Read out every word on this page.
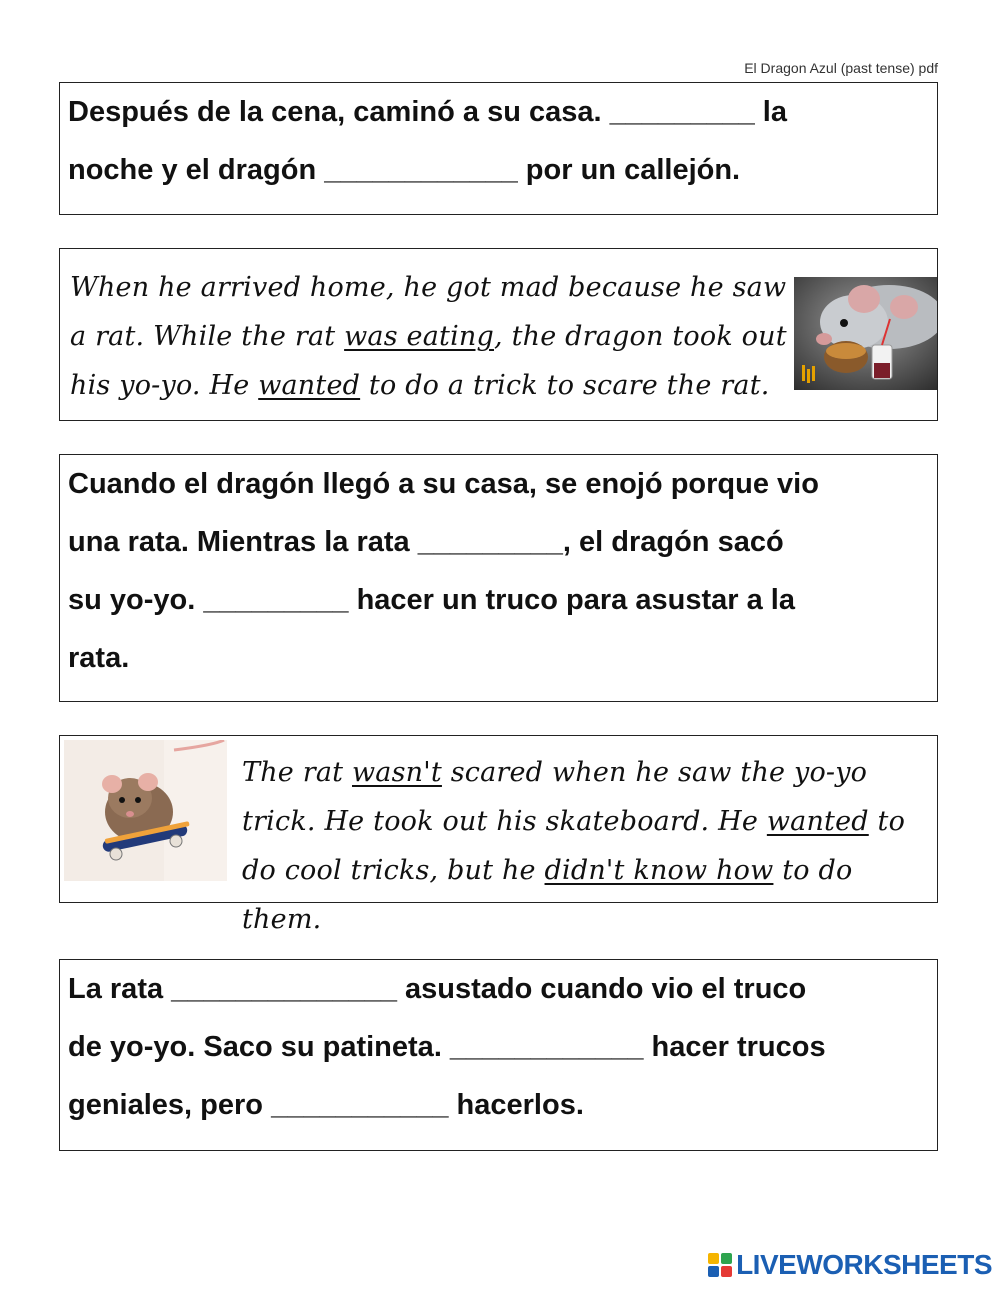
El Dragon Azul (past tense) pdf

Después de la cena, caminó a su casa. _________ la

noche y el dragón ____________ por un callejón.

When he arrived home, he got mad because he saw a rat. While the rat was eating, the dragon took out his yo-yo. He wanted to do a trick to scare the rat.

Cuando el dragón llegó a su casa, se enojó porque vio

una rata. Mientras la rata _________, el dragón sacó

su yo-yo. _________ hacer un truco para asustar a la

rata.

The rat wasn't scared when he saw the yo-yo trick. He took out his skateboard. He wanted to do cool tricks, but he didn't know how to do them.

La rata ______________ asustado cuando vio el truco

de yo-yo. Saco su patineta. ____________ hacer trucos

geniales, pero ___________ hacerlos.

LIVEWORKSHEETS
